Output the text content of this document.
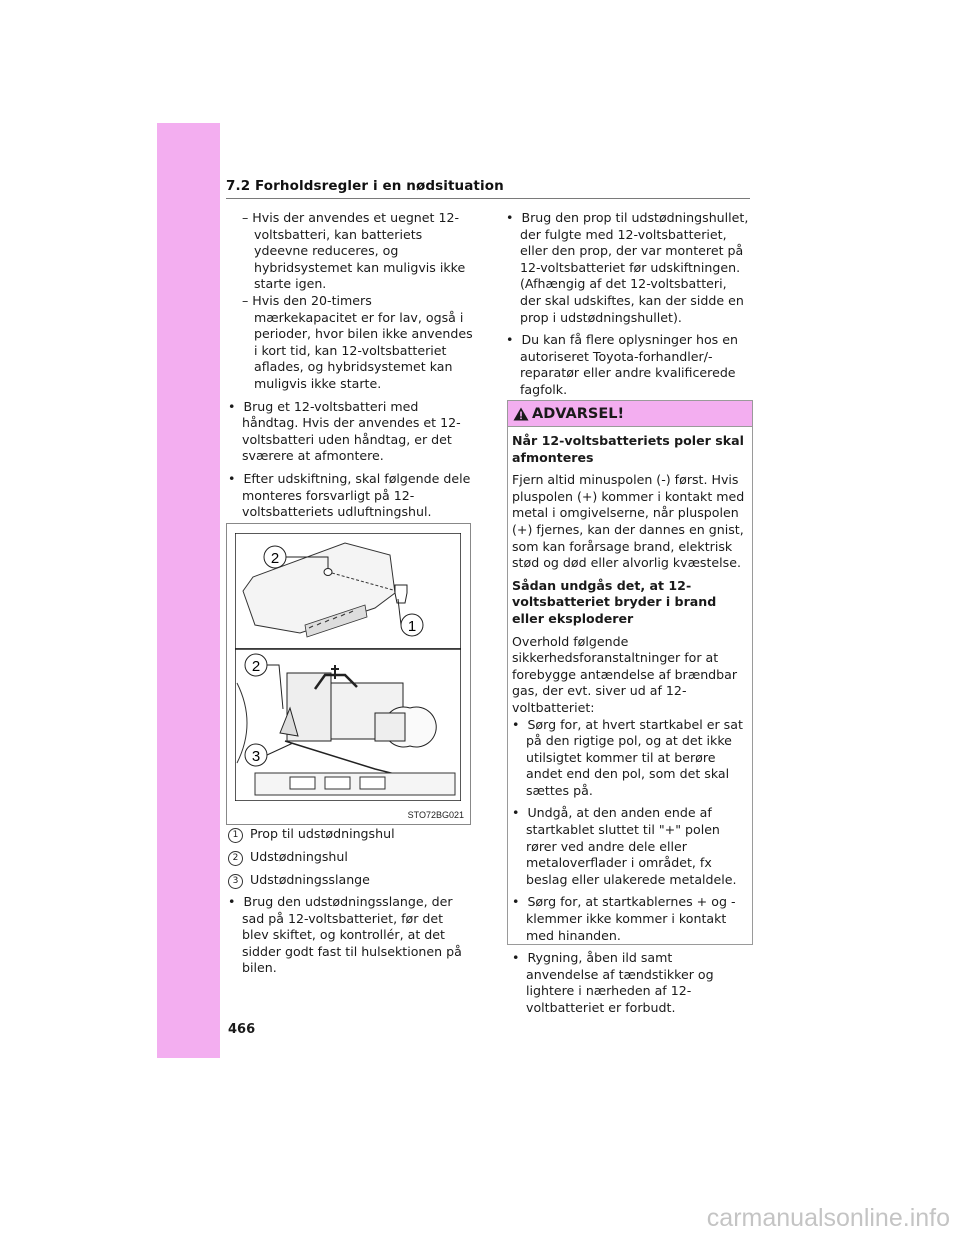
7.2 Forholdsregler i en nødsituation

– Hvis der anvendes et uegnet 12-voltsbatteri, kan batteriets ydeevne reduceres, og hybridsystemet kan muligvis ikke starte igen.

– Hvis den 20-timers mærkekapacitet er for lav, også i perioder, hvor bilen ikke anvendes i kort tid, kan 12-voltsbatteriet aflades, og hybridsystemet kan muligvis ikke starte.

•  Brug et 12-voltsbatteri med håndtag. Hvis der anvendes et 12-voltsbatteri uden håndtag, er det sværere at afmontere.

•  Efter udskiftning, skal følgende dele monteres forsvarligt på 12-voltsbatteriets udluftningshul.

2
1
2
3
STO72BG021
1 Prop til udstødningshul
2 Udstødningshul
3 Udstødningsslange

•  Brug den udstødningsslange, der sad på 12-voltsbatteriet, før det blev skiftet, og kontrollér, at det sidder godt fast til hulsektionen på bilen.

•  Brug den prop til udstødningshullet, der fulgte med 12-voltsbatteriet, eller den prop, der var monteret på 12-voltsbatteriet før udskiftningen. (Afhængig af det 12-voltsbatteri, der skal udskiftes, kan der sidde en prop i udstødningshullet).

•  Du kan få flere oplysninger hos en autoriseret Toyota-forhandler/-reparatør eller andre kvalificerede fagfolk.

ADVARSEL!

Når 12-voltsbatteriets poler skal afmonteres

Fjern altid minuspolen (-) først. Hvis pluspolen (+) kommer i kontakt med metal i omgivelserne, når pluspolen (+) fjernes, kan der dannes en gnist, som kan forårsage brand, elektrisk stød og død eller alvorlig kvæstelse.

Sådan undgås det, at 12-voltsbatteriet bryder i brand eller eksploderer

Overhold følgende sikkerhedsforanstaltninger for at forebygge antændelse af brændbar gas, der evt. siver ud af 12-voltbatteriet:

•  Sørg for, at hvert startkabel er sat på den rigtige pol, og at det ikke utilsigtet kommer til at berøre andet end den pol, som det skal sættes på.

•  Undgå, at den anden ende af startkablet sluttet til "+" polen rører ved andre dele eller metaloverflader i området, fx beslag eller ulakerede metaldele.

•  Sørg for, at startkablernes + og - klemmer ikke kommer i kontakt med hinanden.

•  Rygning, åben ild samt anvendelse af tændstikker og lightere i nærheden af 12-voltbatteriet er forbudt.

466
carmanualsonline.info
